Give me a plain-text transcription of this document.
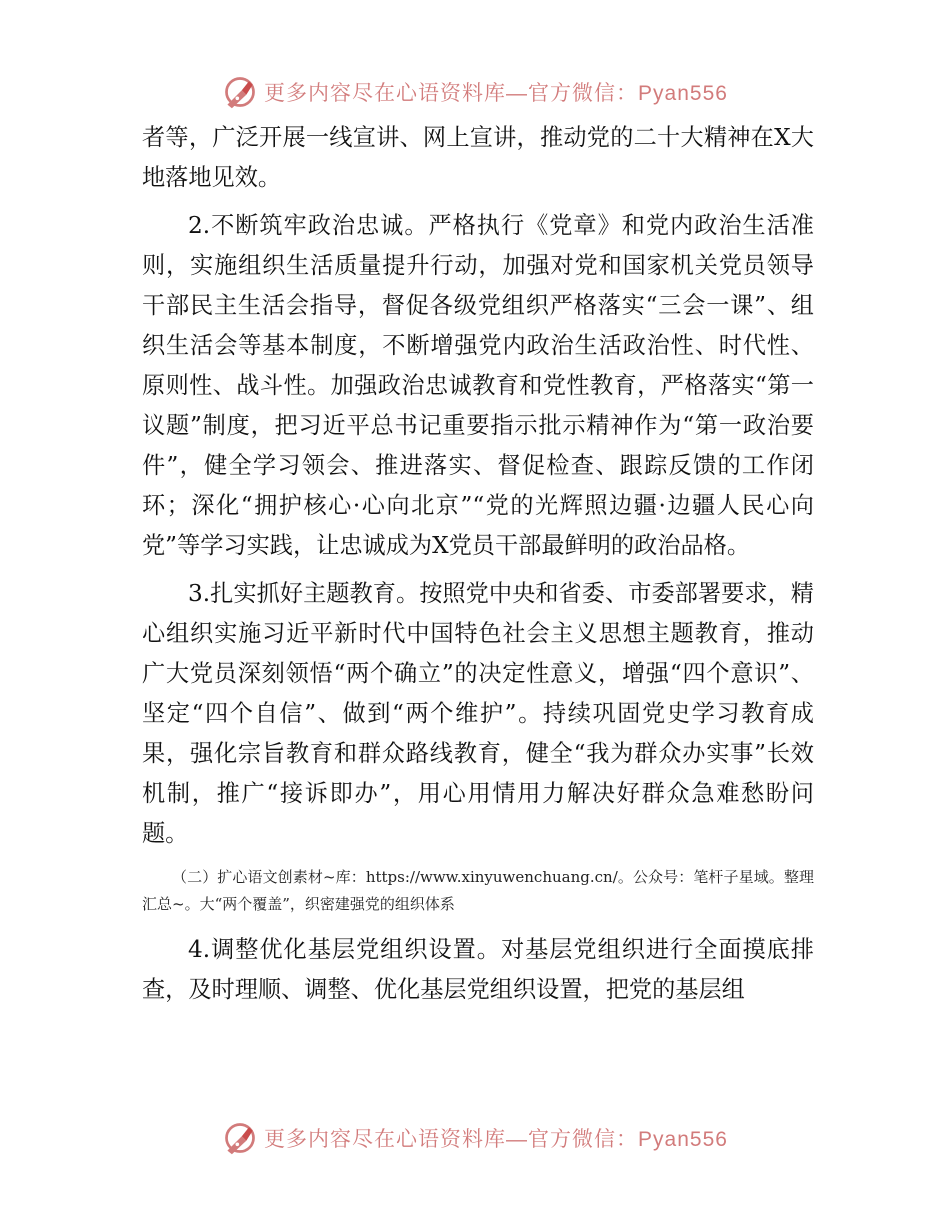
更多内容尽在心语资料库—官方微信：Pyan556

者等，广泛开展一线宣讲、网上宣讲，推动党的二十大精神在X大地落地见效。

2.不断筑牢政治忠诚。严格执行《党章》和党内政治生活准则，实施组织生活质量提升行动，加强对党和国家机关党员领导干部民主生活会指导，督促各级党组织严格落实“三会一课”、组织生活会等基本制度，不断增强党内政治生活政治性、时代性、原则性、战斗性。加强政治忠诚教育和党性教育，严格落实“第一议题”制度，把习近平总书记重要指示批示精神作为“第一政治要件”，健全学习领会、推进落实、督促检查、跟踪反馈的工作闭环；深化“拥护核心·心向北京”“党的光辉照边疆·边疆人民心向党”等学习实践，让忠诚成为X党员干部最鲜明的政治品格。

3.扎实抓好主题教育。按照党中央和省委、市委部署要求，精心组织实施习近平新时代中国特色社会主义思想主题教育，推动广大党员深刻领悟“两个确立”的决定性意义，增强“四个意识”、坚定“四个自信”、做到“两个维护”。持续巩固党史学习教育成果，强化宗旨教育和群众路线教育，健全“我为群众办实事”长效机制，推广“接诉即办”，用心用情用力解决好群众急难愁盼问题。

（二）扩心语文创素材~库：https://www.xinyuwenchuang.cn/。公众号：笔杆子星域。整理汇总~。大“两个覆盖”，织密建强党的组织体系

4.调整优化基层党组织设置。对基层党组织进行全面摸底排查，及时理顺、调整、优化基层党组织设置，把党的基层组

更多内容尽在心语资料库—官方微信：Pyan556
